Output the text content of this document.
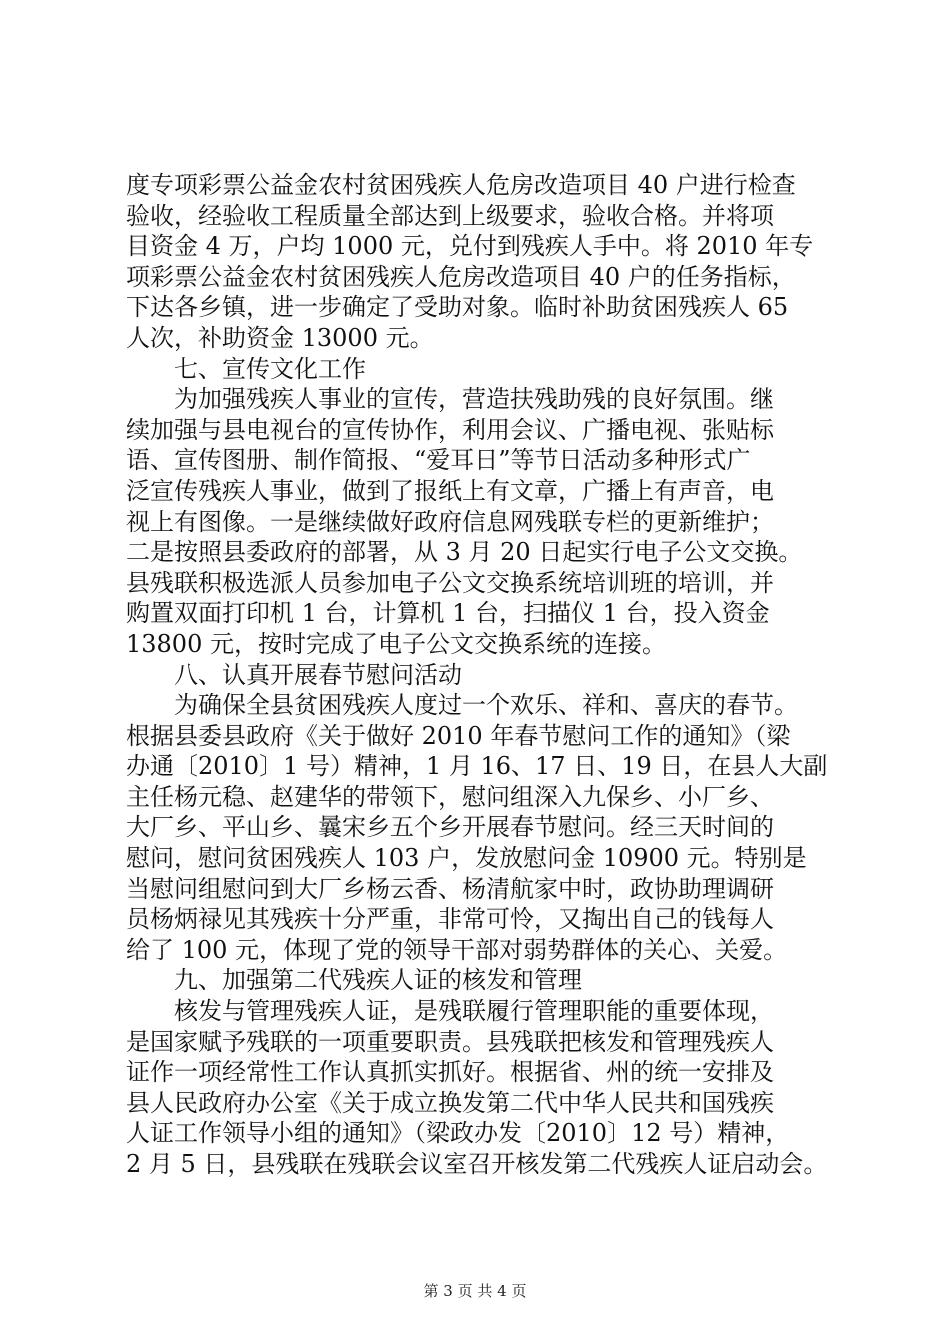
度专项彩票公益金农村贫困残疾人危房改造项目 40 户进行检查
验收，经验收工程质量全部达到上级要求，验收合格。并将项
目资金 4 万，户均 1000 元，兑付到残疾人手中。将 2010 年专
项彩票公益金农村贫困残疾人危房改造项目 40 户的任务指标，
下达各乡镇，进一步确定了受助对象。临时补助贫困残疾人 65
人次，补助资金 13000 元。
七、宣传文化工作
为加强残疾人事业的宣传，营造扶残助残的良好氛围。继
续加强与县电视台的宣传协作，利用会议、广播电视、张贴标
语、宣传图册、制作简报、“爱耳日”等节日活动多种形式广
泛宣传残疾人事业，做到了报纸上有文章，广播上有声音，电
视上有图像。一是继续做好政府信息网残联专栏的更新维护；
二是按照县委政府的部署，从 3 月 20 日起实行电子公文交换。
县残联积极选派人员参加电子公文交换系统培训班的培训，并
购置双面打印机 1 台，计算机 1 台，扫描仪 1 台，投入资金
13800 元，按时完成了电子公文交换系统的连接。
八、认真开展春节慰问活动
为确保全县贫困残疾人度过一个欢乐、祥和、喜庆的春节。
根据县委县政府《关于做好 2010 年春节慰问工作的通知》（梁
办通〔2010〕1 号）精神，1 月 16、17 日、19 日，在县人大副
主任杨元稳、赵建华的带领下，慰问组深入九保乡、小厂乡、
大厂乡、平山乡、曩宋乡五个乡开展春节慰问。经三天时间的
慰问，慰问贫困残疾人 103 户，发放慰问金 10900 元。特别是
当慰问组慰问到大厂乡杨云香、杨清航家中时，政协助理调研
员杨炳禄见其残疾十分严重，非常可怜，又掏出自己的钱每人
给了 100 元，体现了党的领导干部对弱势群体的关心、关爱。
九、加强第二代残疾人证的核发和管理
核发与管理残疾人证，是残联履行管理职能的重要体现，
是国家赋予残联的一项重要职责。县残联把核发和管理残疾人
证作一项经常性工作认真抓实抓好。根据省、州的统一安排及
县人民政府办公室《关于成立换发第二代中华人民共和国残疾
人证工作领导小组的通知》（梁政办发〔2010〕12 号）精神，
2 月 5 日，县残联在残联会议室召开核发第二代残疾人证启动会。
第 3 页 共 4 页
